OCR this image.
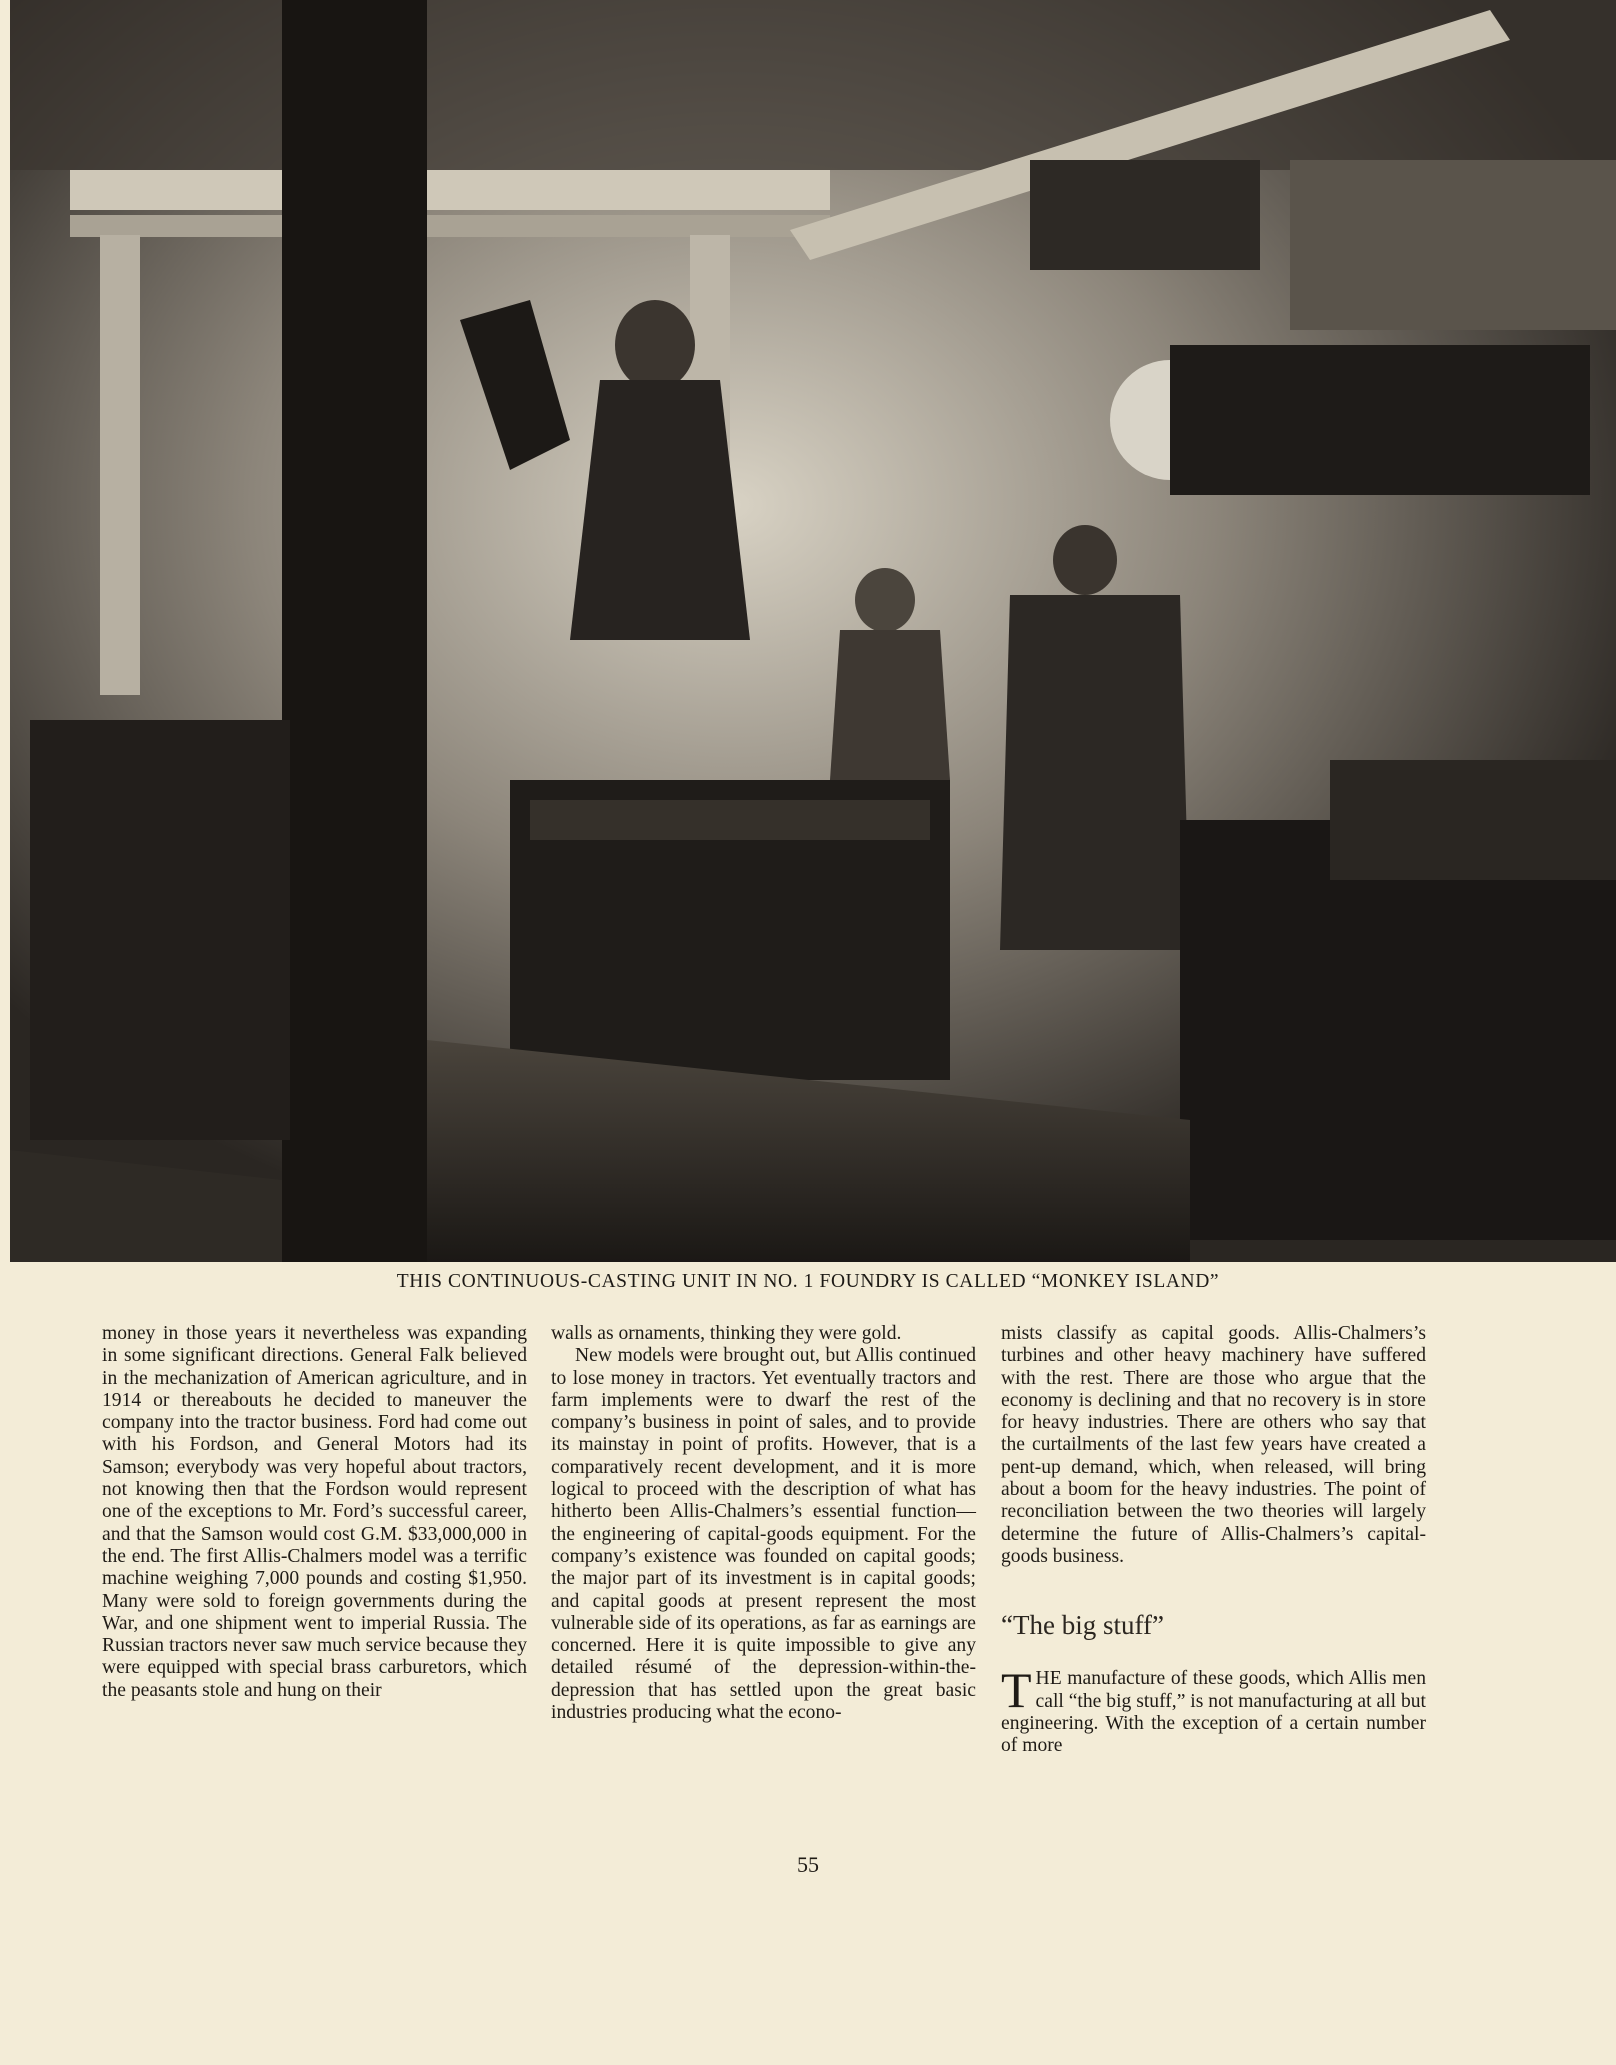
THIS CONTINUOUS-CASTING UNIT IN NO. 1 FOUNDRY IS CALLED “MONKEY ISLAND”

money in those years it nevertheless was expanding in some significant directions. General Falk believed in the mechanization of American agriculture, and in 1914 or thereabouts he decided to maneuver the company into the tractor business. Ford had come out with his Fordson, and General Motors had its Samson; everybody was very hopeful about tractors, not knowing then that the Fordson would represent one of the exceptions to Mr. Ford’s successful career, and that the Samson would cost G.M. $33,000,000 in the end. The first Allis-Chalmers model was a terrific machine weighing 7,000 pounds and costing $1,950. Many were sold to foreign governments during the War, and one shipment went to imperial Russia. The Russian tractors never saw much service because they were equipped with special brass carburetors, which the peasants stole and hung on their

walls as ornaments, thinking they were gold.

New models were brought out, but Allis continued to lose money in tractors. Yet eventually tractors and farm implements were to dwarf the rest of the company’s business in point of sales, and to provide its mainstay in point of profits. However, that is a comparatively recent development, and it is more logical to proceed with the description of what has hitherto been Allis-Chalmers’s essential function—the engineering of capital-goods equipment. For the company’s existence was founded on capital goods; the major part of its investment is in capital goods; and capital goods at present represent the most vulnerable side of its operations, as far as earnings are concerned. Here it is quite impossible to give any detailed résumé of the depression-within-the-depression that has settled upon the great basic industries producing what the econo-

mists classify as capital goods. Allis-Chalmers’s turbines and other heavy machinery have suffered with the rest. There are those who argue that the economy is declining and that no recovery is in store for heavy industries. There are others who say that the curtailments of the last few years have created a pent-up demand, which, when released, will bring about a boom for the heavy industries. The point of reconciliation between the two theories will largely determine the future of Allis-Chalmers’s capital-goods business.

“The big stuff”
THE manufacture of these goods, which Allis men call “the big stuff,” is not manufacturing at all but engineering. With the exception of a certain number of more
55
